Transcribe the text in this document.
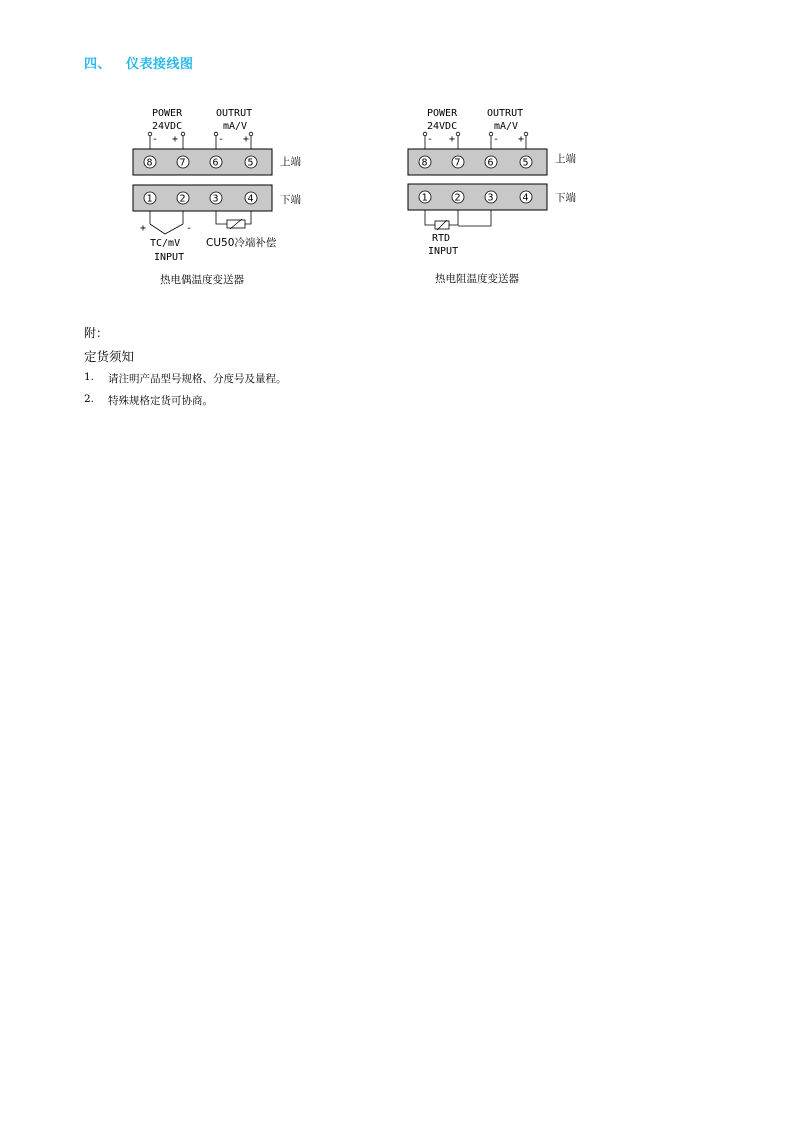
四、 仪表接线图
POWER
24VDC
OUTRUT
mA/V
- +	- +
8	7	6	5	上端
1	2	3	4	下端
+	-
TC/mV
INPUT
CU50冷端补偿
热电偶温度变送器
POWER
24VDC
OUTRUT
mA/V
- +	- +
8	7	6	5	上端
1	2	3	4	下端
RTD
INPUT
热电阻温度变送器
附：
定货须知
1.	请注明产品型号规格、分度号及量程。
2.	特殊规格定货可协商。
